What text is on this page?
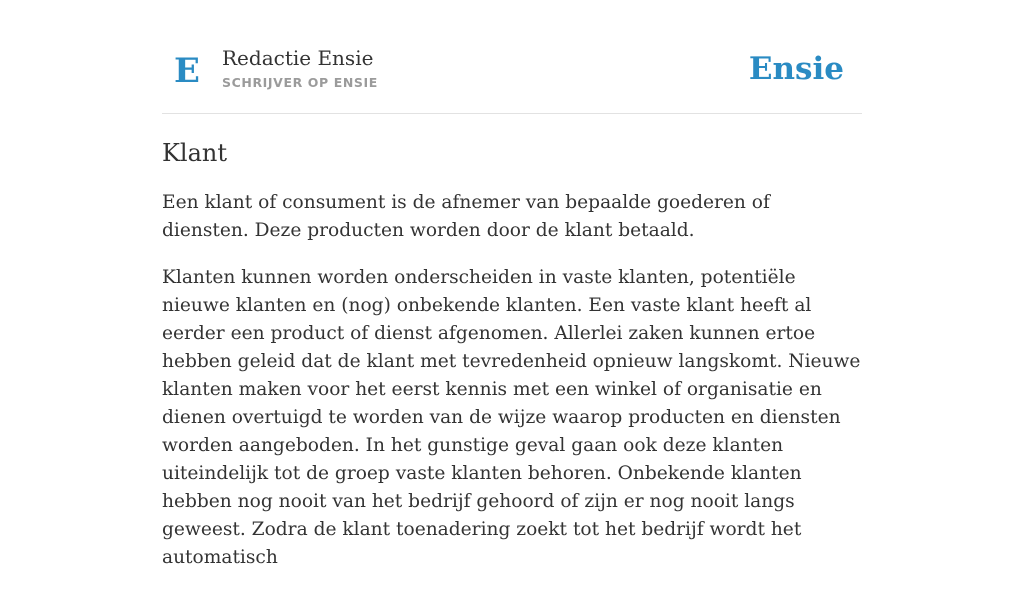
E Redactie Ensie
SCHRIJVER OP ENSIE	Ensie
Klant

Een klant of consument is de afnemer van bepaalde goederen of diensten. Deze producten worden door de klant betaald.

Klanten kunnen worden onderscheiden in vaste klanten, potentiële nieuwe klanten en (nog) onbekende klanten. Een vaste klant heeft al eerder een product of dienst afgenomen. Allerlei zaken kunnen ertoe hebben geleid dat de klant met tevredenheid opnieuw langskomt. Nieuwe klanten maken voor het eerst kennis met een winkel of organisatie en dienen overtuigd te worden van de wijze waarop producten en diensten worden aangeboden. In het gunstige geval gaan ook deze klanten uiteindelijk tot de groep vaste klanten behoren. Onbekende klanten hebben nog nooit van het bedrijf gehoord of zijn er nog nooit langs geweest. Zodra de klant toenadering zoekt tot het bedrijf wordt het automatisch
